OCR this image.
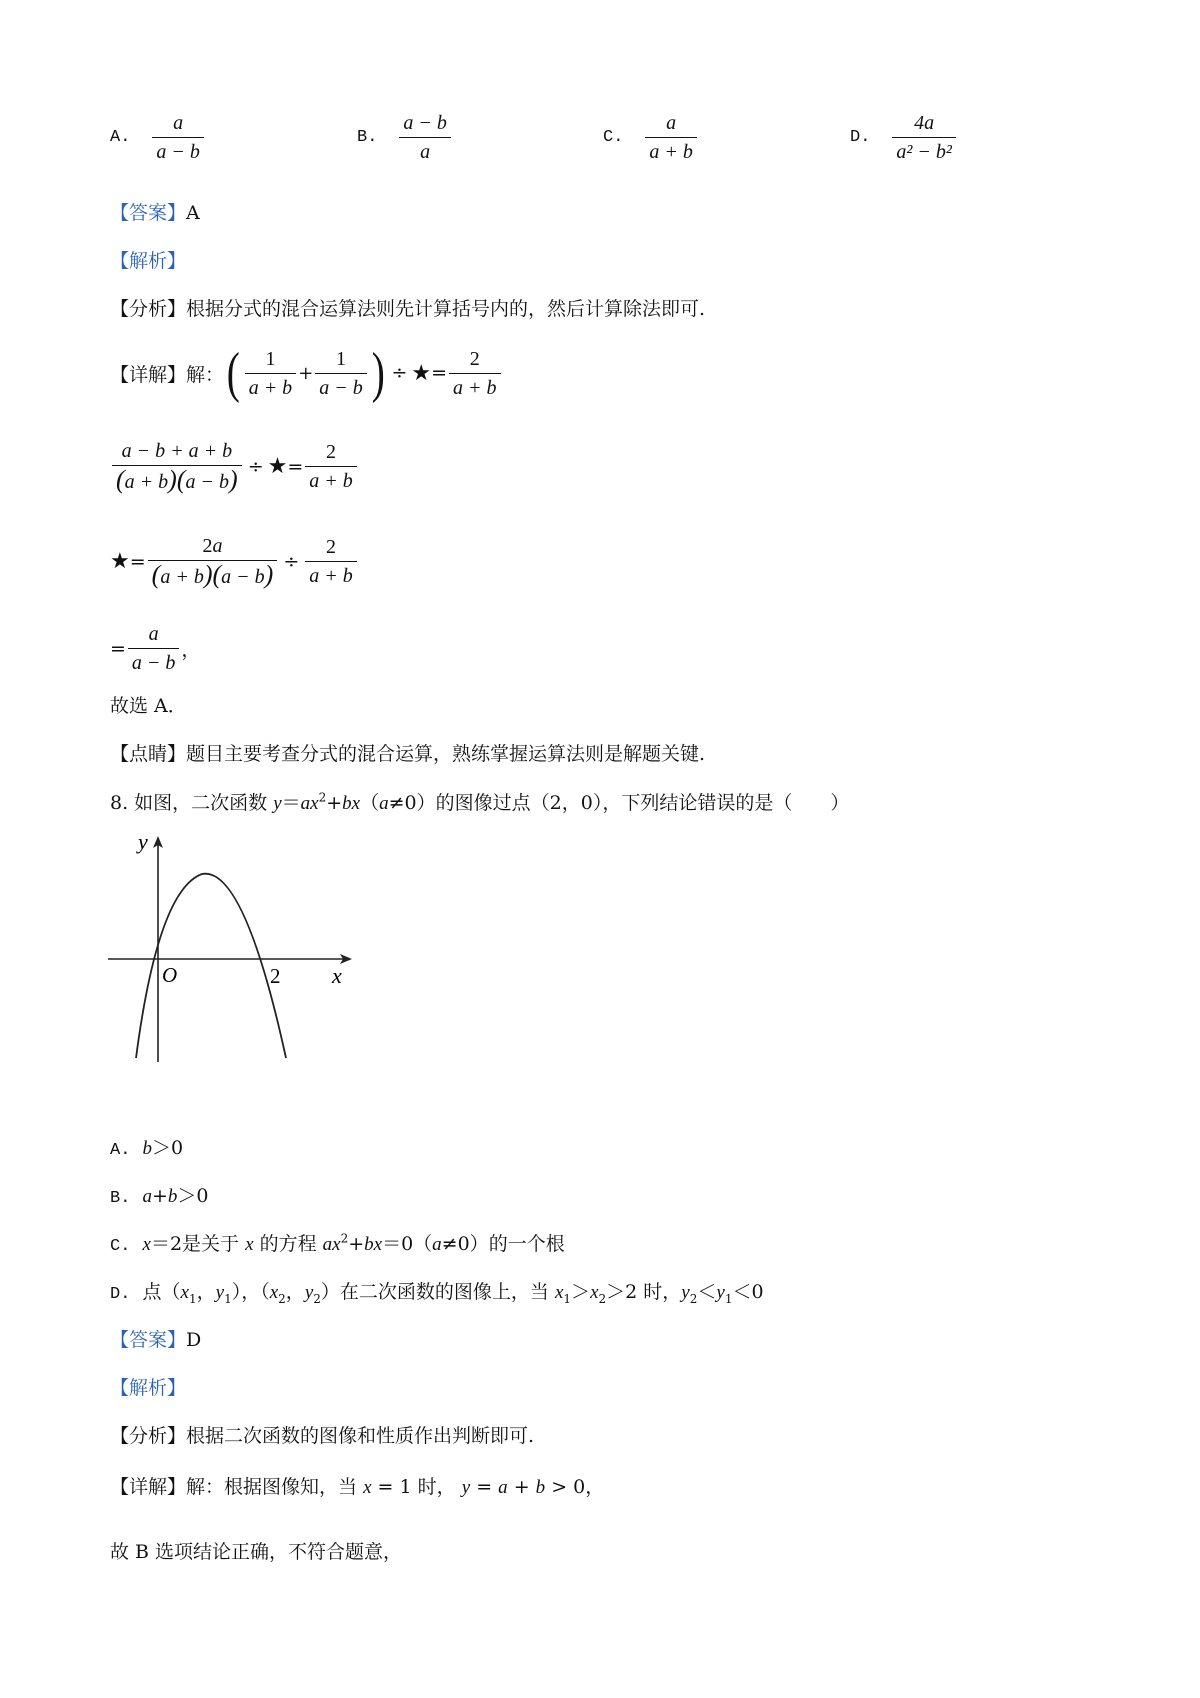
A. $\frac{a}{a - b}$	B. $\frac{a - b}{a}$	C. $\frac{a}{a + b}$	D. $\frac{4a}{\text{a² − b²}}$
【答案】A
【解析】
【分析】根据分式的混合运算法则先计算括号内的，然后计算除法即可.
【详解】 解： ( $\frac{1}{a + b} + \frac{1}{a - b}$ ) ÷ ★ = $\frac{2}{a + b}$
$\frac{a - b + a + b}{(a + b)(a - b)}$ ÷ ★ = $\frac{2}{a + b}$
★ = $\frac{2a}{(a + b)(a - b)} \div \frac{2}{a + b}$
= $\frac{a}{a - b}$ ，
故选 A．
【点睛】题目主要考查分式的混合运算，熟练掌握运算法则是解题关键.
8. 如图，二次函数 $y=ax^2+bx(a\ne 0)$的图像过点（2，0），下列结论错误的是（　　）
y
x
O	2
A. b＞0
B. a+b＞0
C. x＝2是关于 x 的方程 $ax^2+bx=0(a\ne 0)$的一个根
D. 点（$x_1$，$y_1$），（$x_2$，$y_2$）在二次函数的图像上，当 $x_1>x_2>2$ 时，$y_2<y_1<0$
【答案】D
【解析】
【分析】根据二次函数的图像和性质作出判断即可.
【详解】解：根据图像知，当 x = 1 时， y = a + b > 0，
故 B 选项结论正确，不符合题意，
